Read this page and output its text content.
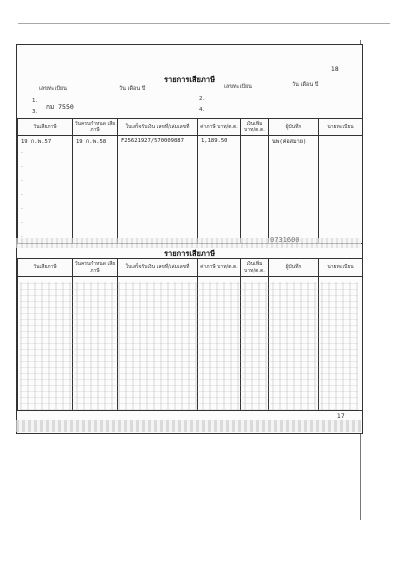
18
รายการเสียภาษี
เลขทะเบียน	วัน เดือน ปี	เลขทะเบียน	วัน เดือน ปี
1.
กม 7550
2.
3.	4.
วันเสียภาษี	วันครบกำหนด เสียภาษี	ใบเสร็จรับเงิน เลขที่/เล่มเลขที่	ค่าภาษี บาท/ต.ต.	เงินเพิ่ม บาท/ต.ต.	ผู้บันทึก	นายทะเบียน
19 ก.พ.57	19 ก.พ.58	F25621927/570009887	1,189.50		นพ(ค่อสมาย)	
·
·
·
·
·
·

รายการเสียภาษี
วันเสียภาษี	วันครบกำหนด เสียภาษี	ใบเสร็จรับเงิน เลขที่/เล่มเลขที่	ค่าภาษี บาท/ต.ต.	เงินเพิ่ม บาท/ต.ต.	ผู้บันทึก	นายทะเบียน

17
0731600
